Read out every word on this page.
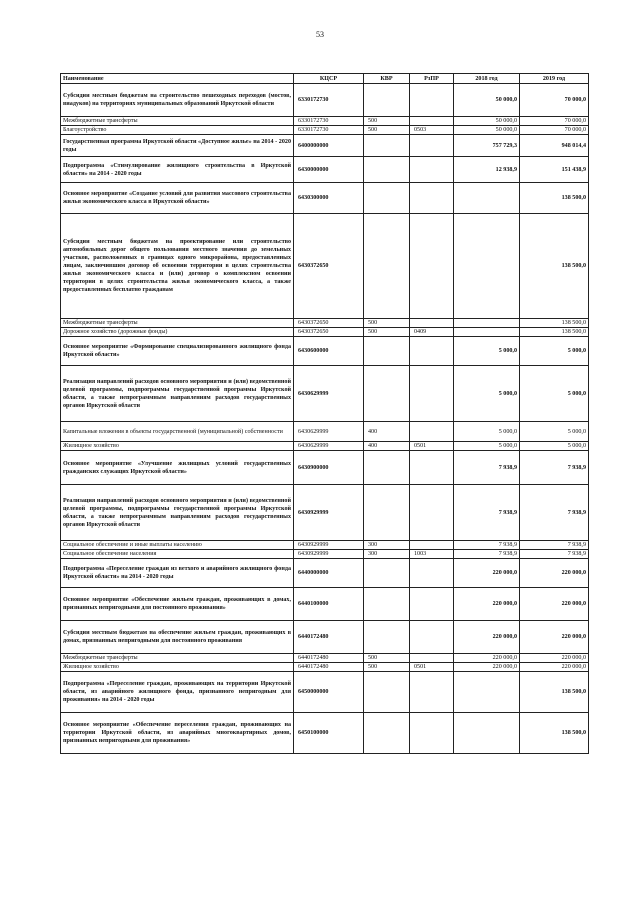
53
Наименование	КЦСР	КВР	РзПР	2018 год	2019 год
Субсидии местным бюджетам на строительство пешеходных переходов (мостов, виадуков) на территориях муниципальных образований Иркутской области	6330172730			50 000,0	70 000,0
Межбюджетные трансферты	6330172730	500		50 000,0	70 000,0
Благоустройство	6330172730	500	0503	50 000,0	70 000,0
Государственная программа Иркутской области «Доступное жилье» на 2014 - 2020 годы	6400000000			757 729,3	948 014,4
Подпрограмма «Стимулирование жилищного строительства в Иркутской области» на 2014 - 2020 годы	6430000000			12 938,9	151 438,9
Основное мероприятие «Создание условий для развития массового строительства жилья экономического класса в Иркутской области»	6430300000				138 500,0
Субсидии местным бюджетам на проектирование или строительство автомобильных дорог общего пользования местного значения до земельных участков, расположенных в границах одного микрорайона, предоставленных лицам, заключившим договор об освоении территории в целях строительства жилья экономического класса и (или) договор о комплексном освоении территории в целях строительства жилья экономического класса, а также предоставленных бесплатно гражданам	6430372650				138 500,0
Межбюджетные трансферты	6430372650	500			138 500,0
Дорожное хозяйство (дорожные фонды)	6430372650	500	0409		138 500,0
Основное мероприятие «Формирование специализированного жилищного фонда Иркутской области»	6430600000			5 000,0	5 000,0
Реализация направлений расходов основного мероприятия и (или) ведомственной целевой программы, подпрограммы государственной программы Иркутской области, а также непрограммным направлениям расходов государственных органов Иркутской области	6430629999			5 000,0	5 000,0
Капитальные вложения в объекты государственной (муниципальной) собственности	6430629999	400		5 000,0	5 000,0
Жилищное хозяйство	6430629999	400	0501	5 000,0	5 000,0
Основное мероприятие «Улучшение жилищных условий государственных гражданских служащих Иркутской области»	6430900000			7 938,9	7 938,9
Реализация направлений расходов основного мероприятия и (или) ведомственной целевой программы, подпрограммы государственной программы Иркутской области, а также непрограммным направлениям расходов государственных органов Иркутской области	6430929999			7 938,9	7 938,9
Социальное обеспечение и иные выплаты населению	6430929999	300		7 938,9	7 938,9
Социальное обеспечение населения	6430929999	300	1003	7 938,9	7 938,9
Подпрограмма «Переселение граждан из ветхого и аварийного жилищного фонда Иркутской области» на 2014 - 2020 годы	6440000000			220 000,0	220 000,0
Основное мероприятие «Обеспечение жильем граждан, проживающих в домах, признанных непригодными для постоянного проживания»	6440100000			220 000,0	220 000,0
Субсидии местным бюджетам на обеспечение жильем граждан, проживающих в домах, признанных непригодными для постоянного проживания	6440172480			220 000,0	220 000,0
Межбюджетные трансферты	6440172480	500		220 000,0	220 000,0
Жилищное хозяйство	6440172480	500	0501	220 000,0	220 000,0
Подпрограмма «Переселение граждан, проживающих на территории Иркутской области, из аварийного жилищного фонда, признанного непригодным для проживания» на 2014 - 2020 годы	6450000000				138 500,0
Основное мероприятие «Обеспечение переселения граждан, проживающих на территории Иркутской области, из аварийных многоквартирных домов, признанных непригодными для проживания»	6450100000				138 500,0
